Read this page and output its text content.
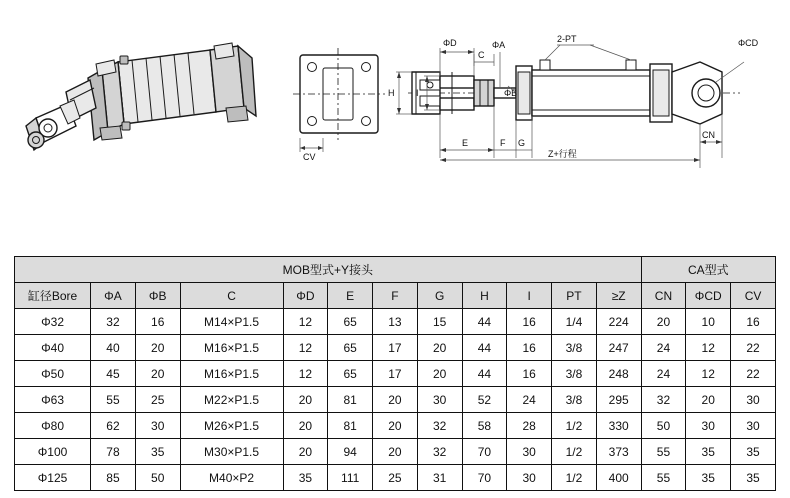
CV
2-PT
ΦD	ΦA
C
ΦB
H I
ΦCD
E	F G
Z+行程
CN
MOB型式+Y接头												CA型式		
缸径Bore	ΦA	ΦB	C	ΦD	E	F	G	H	I	PT	≥Z	CN	ΦCD	CV
Φ32	32	16	M14×P1.5	12	65	13	15	44	16	1/4	224	20	10	16
Φ40	40	20	M16×P1.5	12	65	17	20	44	16	3/8	247	24	12	22
Φ50	45	20	M16×P1.5	12	65	17	20	44	16	3/8	248	24	12	22
Φ63	55	25	M22×P1.5	20	81	20	30	52	24	3/8	295	32	20	30
Φ80	62	30	M26×P1.5	20	81	20	32	58	28	1/2	330	50	30	30
Φ100	78	35	M30×P1.5	20	94	20	32	70	30	1/2	373	55	35	35
Φ125	85	50	M40×P2	35	111	25	31	70	30	1/2	400	55	35	35
